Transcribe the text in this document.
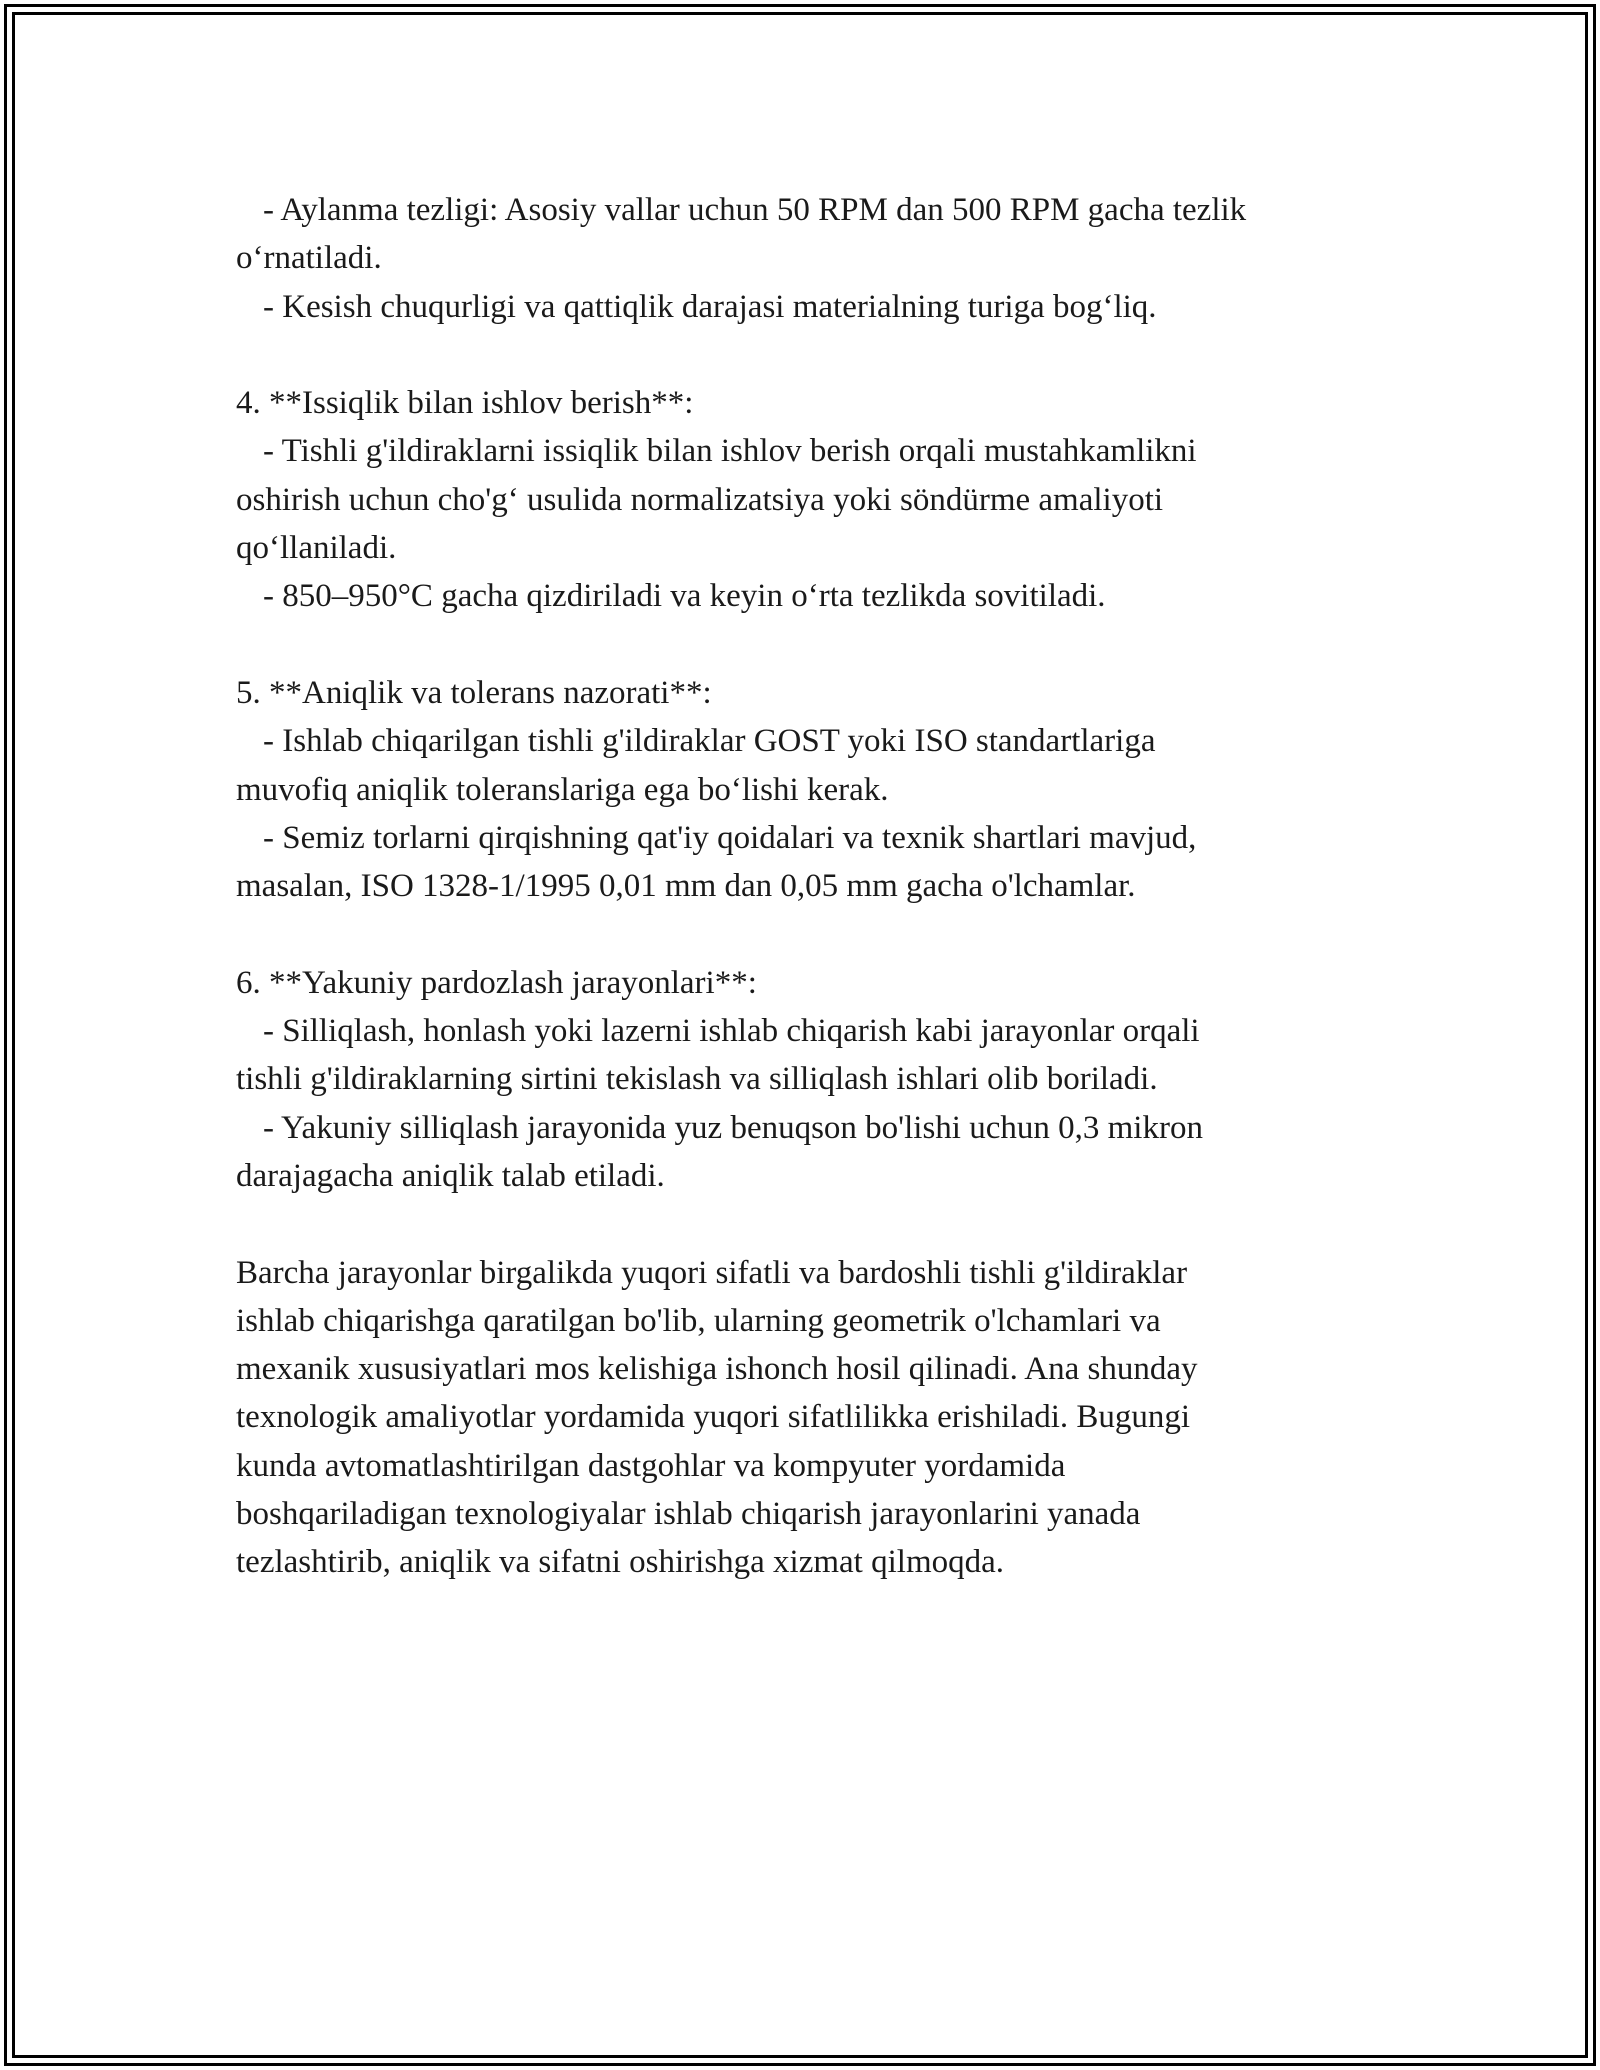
- Aylanma tezligi: Asosiy vallar uchun 50 RPM dan 500 RPM gacha tezlik
o‘rnatiladi.
- Kesish chuqurligi va qattiqlik darajasi materialning turiga bog‘liq.
4. **Issiqlik bilan ishlov berish**:
- Tishli g'ildiraklarni issiqlik bilan ishlov berish orqali mustahkamlikni
oshirish uchun cho'g‘ usulida normalizatsiya yoki söndürme amaliyoti
qo‘llaniladi.
- 850–950°C gacha qizdiriladi va keyin o‘rta tezlikda sovitiladi.
5. **Aniqlik va tolerans nazorati**:
- Ishlab chiqarilgan tishli g'ildiraklar GOST yoki ISO standartlariga
muvofiq aniqlik toleranslariga ega bo‘lishi kerak.
- Semiz torlarni qirqishning qat'iy qoidalari va texnik shartlari mavjud,
masalan, ISO 1328-1/1995 0,01 mm dan 0,05 mm gacha o'lchamlar.
6. **Yakuniy pardozlash jarayonlari**:
- Silliqlash, honlash yoki lazerni ishlab chiqarish kabi jarayonlar orqali
tishli g'ildiraklarning sirtini tekislash va silliqlash ishlari olib boriladi.
- Yakuniy silliqlash jarayonida yuz benuqson bo'lishi uchun 0,3 mikron
darajagacha aniqlik talab etiladi.
Barcha jarayonlar birgalikda yuqori sifatli va bardoshli tishli g'ildiraklar
ishlab chiqarishga qaratilgan bo'lib, ularning geometrik o'lchamlari va
mexanik xususiyatlari mos kelishiga ishonch hosil qilinadi. Ana shunday
texnologik amaliyotlar yordamida yuqori sifatlilikka erishiladi. Bugungi
kunda avtomatlashtirilgan dastgohlar va kompyuter yordamida
boshqariladigan texnologiyalar ishlab chiqarish jarayonlarini yanada
tezlashtirib, aniqlik va sifatni oshirishga xizmat qilmoqda.
